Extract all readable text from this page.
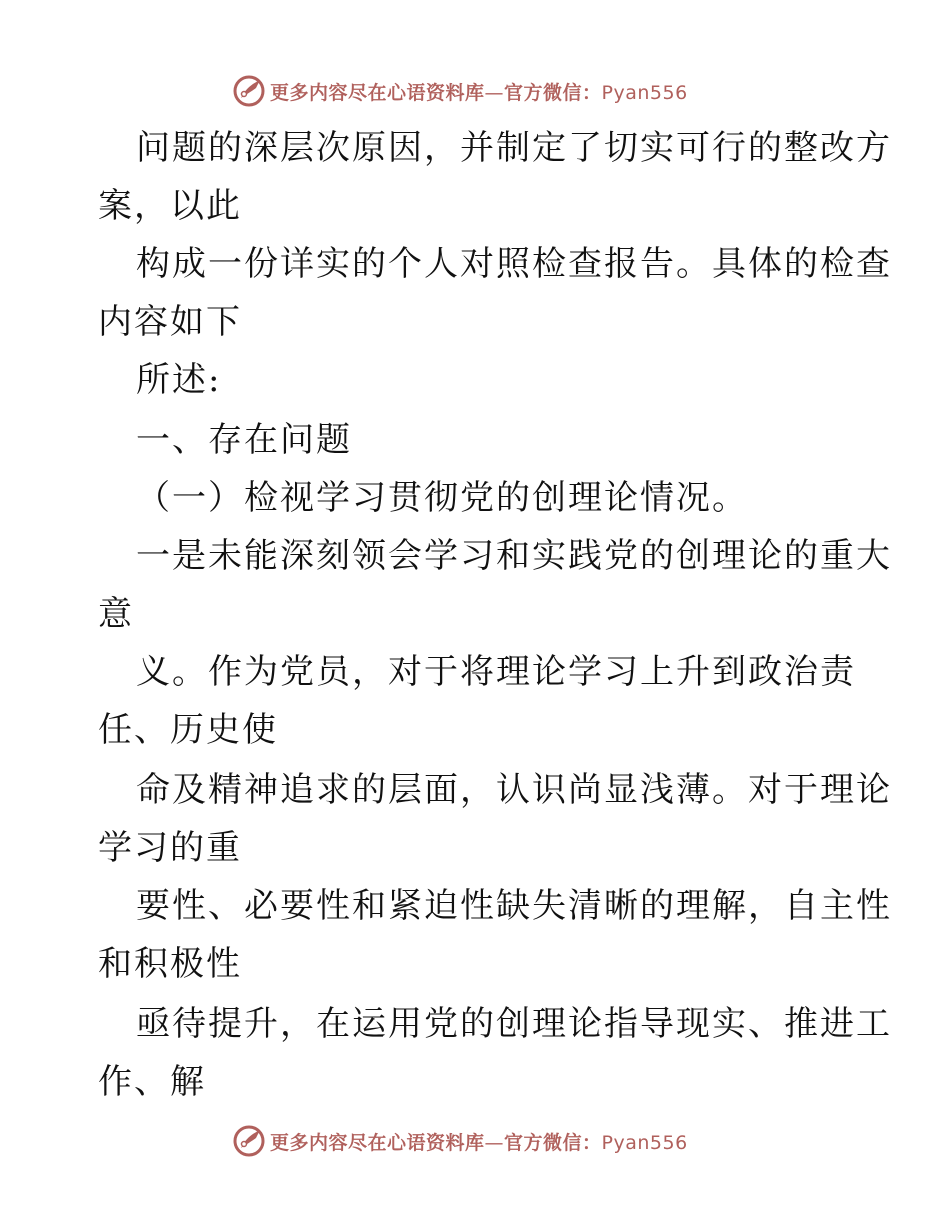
更多内容尽在心语资料库—官方微信：Pyan556
问题的深层次原因，并制定了切实可行的整改方
案，以此
构成一份详实的个人对照检查报告。具体的检查
内容如下
所述:
一、存在问题
（一）检视学习贯彻党的创理论情况。
一是未能深刻领会学习和实践党的创理论的重大
意
义。作为党员，对于将理论学习上升到政治责
任、历史使
命及精神追求的层面，认识尚显浅薄。对于理论
学习的重
要性、必要性和紧迫性缺失清晰的理解，自主性
和积极性
亟待提升，在运用党的创理论指导现实、推进工
作、解
更多内容尽在心语资料库—官方微信：Pyan556
